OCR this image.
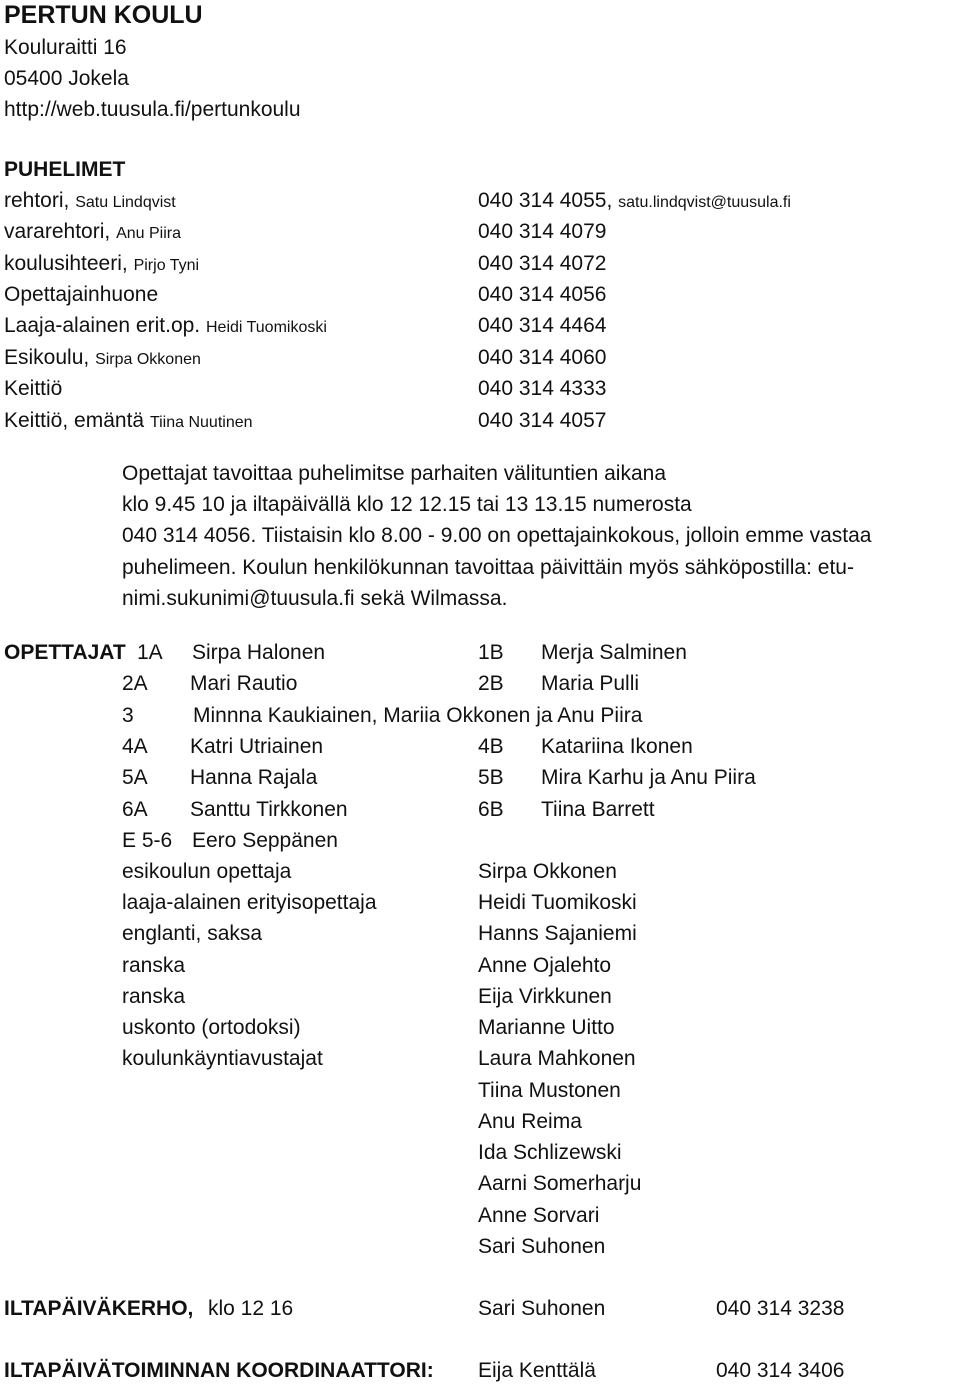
PERTUN KOULU
Kouluraitti 16
05400 Jokela
http://web.tuusula.fi/pertunkoulu
PUHELIMET
rehtori, Satu Lindqvist	040 314 4055, satu.lindqvist@tuusula.fi
vararehtori, Anu Piira	040 314 4079
koulusihteeri, Pirjo Tyni	040 314 4072
Opettajainhuone	040 314 4056
Laaja-alainen erit.op. Heidi Tuomikoski	040 314 4464
Esikoulu, Sirpa Okkonen	040 314 4060
Keittiö	040 314 4333
Keittiö, emäntä Tiina Nuutinen	040 314 4057
Opettajat tavoittaa puhelimitse parhaiten välituntien aikana
klo 9.45 10 ja iltapäivällä klo 12 12.15 tai 13 13.15 numerosta
040 314 4056. Tiistaisin klo 8.00 - 9.00 on opettajainkokous, jolloin emme vastaa
puhelimeen. Koulun henkilökunnan tavoittaa päivittäin myös sähköpostilla: etu-
nimi.sukunimi@tuusula.fi sekä Wilmassa.
OPETTAJAT 1A Sirpa Halonen	1B Merja Salminen
2A Mari Rautio	2B Maria Pulli
3	Minnna Kaukiainen, Mariia Okkonen ja Anu Piira
4A Katri Utriainen	4B Katariina Ikonen
5A Hanna Rajala	5B Mira Karhu ja Anu Piira
6A Santtu Tirkkonen	6B Tiina Barrett
E 5-6 Eero Seppänen
esikoulun opettaja	Sirpa Okkonen
laaja-alainen erityisopettaja	Heidi Tuomikoski
englanti, saksa	Hanns Sajaniemi
ranska	Anne Ojalehto
ranska	Eija Virkkunen
uskonto (ortodoksi)	Marianne Uitto
koulunkäyntiavustajat	Laura Mahkonen
Tiina Mustonen
Anu Reima
Ida Schlizewski
Aarni Somerharju
Anne Sorvari
Sari Suhonen
ILTAPÄIVÄKERHO, klo 12 16	Sari Suhonen	040 314 3238
ILTAPÄIVÄTOIMINNAN KOORDINAATTORI: Eija Kenttälä	040 314 3406
